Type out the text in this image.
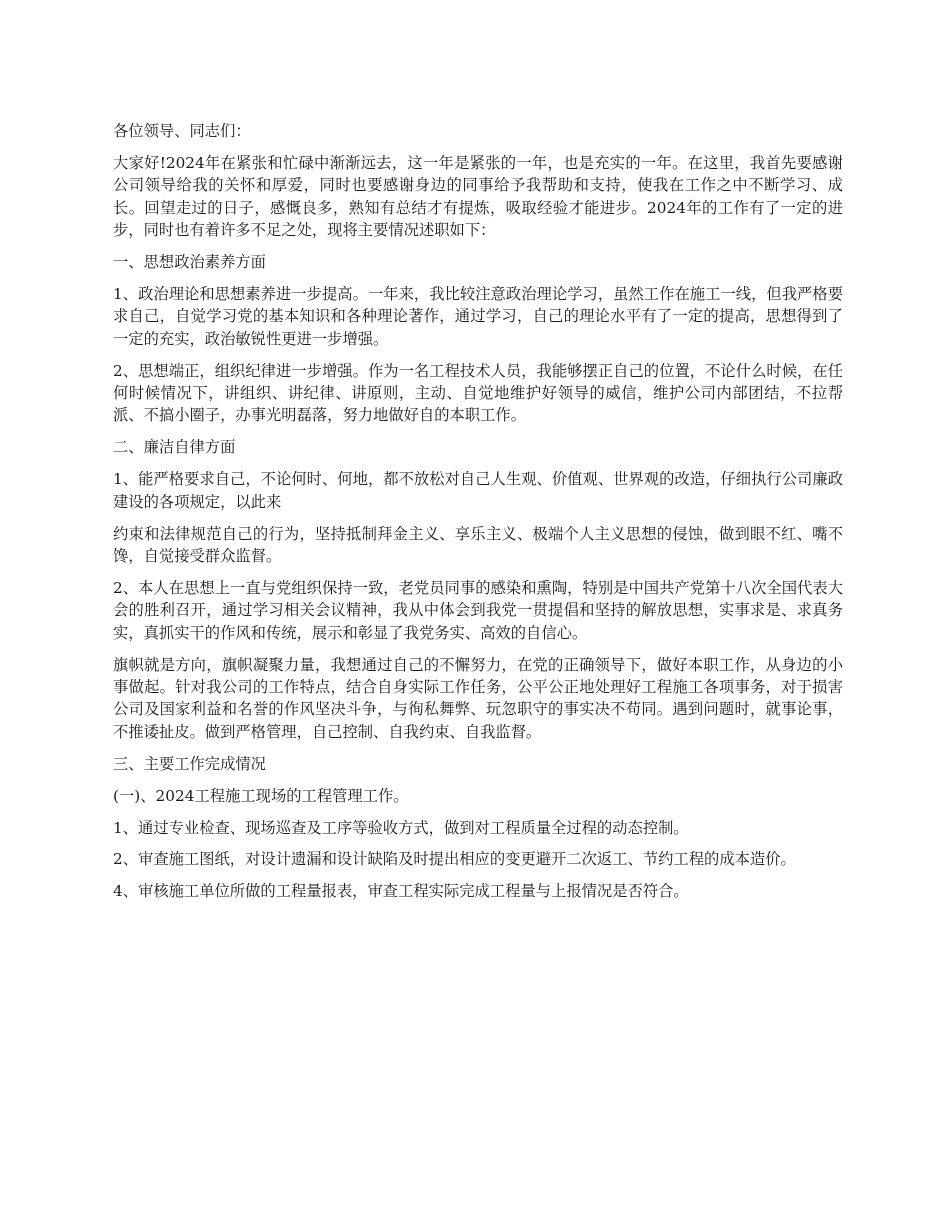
各位领导、同志们：

大家好!2024年在紧张和忙碌中渐渐远去，这一年是紧张的一年，也是充实的一年。在这里，我首先要感谢公司领导给我的关怀和厚爱，同时也要感谢身边的同事给予我帮助和支持，使我在工作之中不断学习、成长。回望走过的日子，感慨良多，熟知有总结才有提炼，吸取经验才能进步。2024年的工作有了一定的进步，同时也有着许多不足之处，现将主要情况述职如下：

一、思想政治素养方面

1、政治理论和思想素养进一步提高。一年来，我比较注意政治理论学习，虽然工作在施工一线，但我严格要求自己，自觉学习党的基本知识和各种理论著作，通过学习，自己的理论水平有了一定的提高，思想得到了一定的充实，政治敏锐性更进一步增强。

2、思想端正，组织纪律进一步增强。作为一名工程技术人员，我能够摆正自己的位置，不论什么时候，在任何时候情况下，讲组织、讲纪律、讲原则，主动、自觉地维护好领导的威信，维护公司内部团结，不拉帮派、不搞小圈子，办事光明磊落，努力地做好自的本职工作。

二、廉洁自律方面

1、能严格要求自己，不论何时、何地，都不放松对自己人生观、价值观、世界观的改造，仔细执行公司廉政建设的各项规定，以此来

约束和法律规范自己的行为，坚持抵制拜金主义、享乐主义、极端个人主义思想的侵蚀，做到眼不红、嘴不馋，自觉接受群众监督。

2、本人在思想上一直与党组织保持一致，老党员同事的感染和熏陶，特别是中国共产党第十八次全国代表大会的胜利召开，通过学习相关会议精神，我从中体会到我党一贯提倡和坚持的解放思想，实事求是、求真务实，真抓实干的作风和传统，展示和彰显了我党务实、高效的自信心。

旗帜就是方向，旗帜凝聚力量，我想通过自己的不懈努力，在党的正确领导下，做好本职工作，从身边的小事做起。针对我公司的工作特点，结合自身实际工作任务，公平公正地处理好工程施工各项事务，对于损害公司及国家利益和名誉的作风坚决斗争，与徇私舞弊、玩忽职守的事实决不苟同。遇到问题时，就事论事，不推诿扯皮。做到严格管理，自己控制、自我约束、自我监督。

三、主要工作完成情况

(一)、2024工程施工现场的工程管理工作。

1、通过专业检查、现场巡查及工序等验收方式，做到对工程质量全过程的动态控制。

2、审查施工图纸，对设计遗漏和设计缺陷及时提出相应的变更避开二次返工、节约工程的成本造价。

4、审核施工单位所做的工程量报表，审查工程实际完成工程量与上报情况是否符合。
